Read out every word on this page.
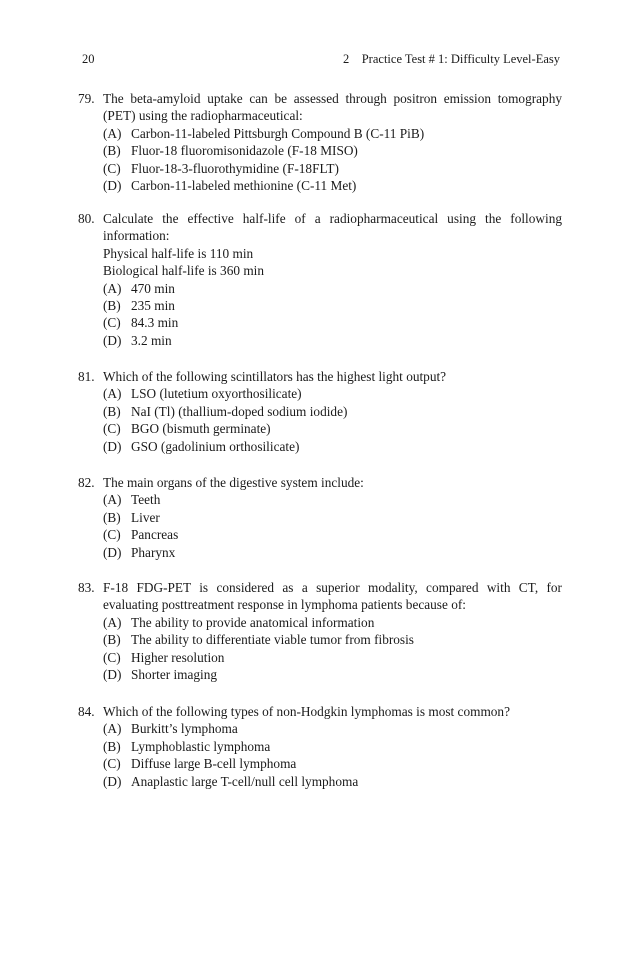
20	2 Practice Test # 1: Difficulty Level-Easy
79. The beta-amyloid uptake can be assessed through positron emission tomography (PET) using the radiopharmaceutical:
(A) Carbon-11-labeled Pittsburgh Compound B (C-11 PiB)
(B) Fluor-18 fluoromisonidazole (F-18 MISO)
(C) Fluor-18-3-fluorothymidine (F-18FLT)
(D) Carbon-11-labeled methionine (C-11 Met)
80. Calculate the effective half-life of a radiopharmaceutical using the following information:
Physical half-life is 110 min
Biological half-life is 360 min
(A) 470 min
(B) 235 min
(C) 84.3 min
(D) 3.2 min
81. Which of the following scintillators has the highest light output?
(A) LSO (lutetium oxyorthosilicate)
(B) NaI (Tl) (thallium-doped sodium iodide)
(C) BGO (bismuth germinate)
(D) GSO (gadolinium orthosilicate)
82. The main organs of the digestive system include:
(A) Teeth
(B) Liver
(C) Pancreas
(D) Pharynx
83. F-18 FDG-PET is considered as a superior modality, compared with CT, for evaluating posttreatment response in lymphoma patients because of:
(A) The ability to provide anatomical information
(B) The ability to differentiate viable tumor from fibrosis
(C) Higher resolution
(D) Shorter imaging
84. Which of the following types of non-Hodgkin lymphomas is most common?
(A) Burkitt’s lymphoma
(B) Lymphoblastic lymphoma
(C) Diffuse large B-cell lymphoma
(D) Anaplastic large T-cell/null cell lymphoma
